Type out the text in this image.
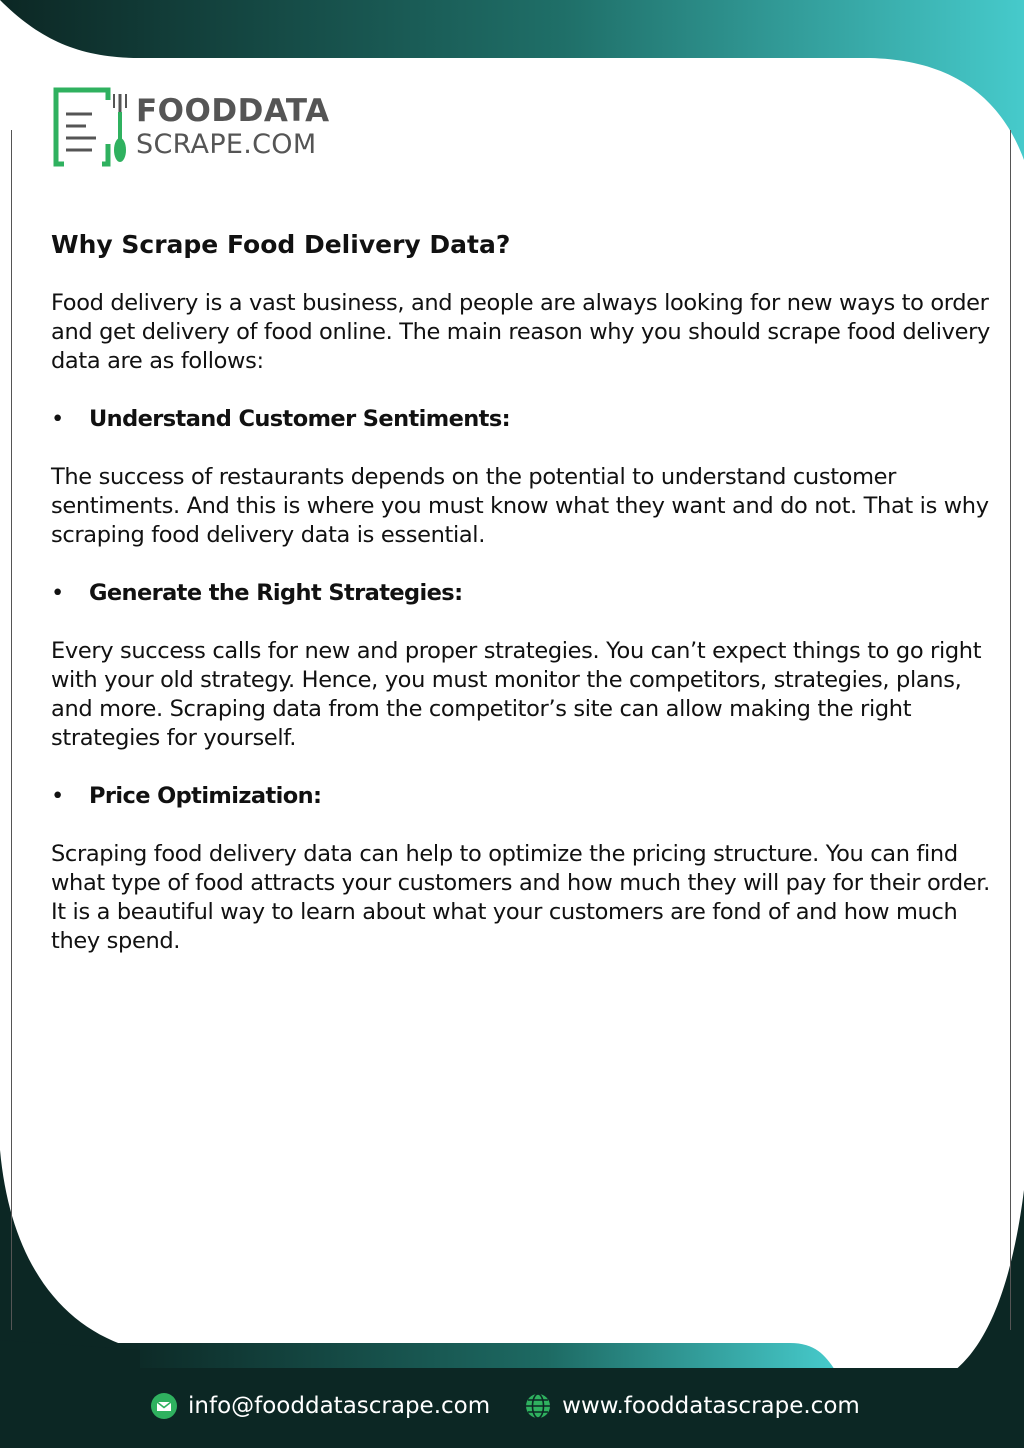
FOODDATA
SCRAPE.COM
Why Scrape Food Delivery Data?

Food delivery is a vast business, and people are always looking for new ways to order and get delivery of food online. The main reason why you should scrape food delivery data are as follows:

•	Understand Customer Sentiments:

The success of restaurants depends on the potential to understand customer sentiments. And this is where you must know what they want and do not. That is why scraping food delivery data is essential.

•	Generate the Right Strategies:

Every success calls for new and proper strategies. You can’t expect things to go right with your old strategy. Hence, you must monitor the competitors, strategies, plans, and more. Scraping data from the competitor’s site can allow making the right strategies for yourself.

•	Price Optimization:

Scraping food delivery data can help to optimize the pricing structure. You can find what type of food attracts your customers and how much they will pay for their order. It is a beautiful way to learn about what your customers are fond of and how much they spend.

info@fooddatascrape.com	www.fooddatascrape.com
